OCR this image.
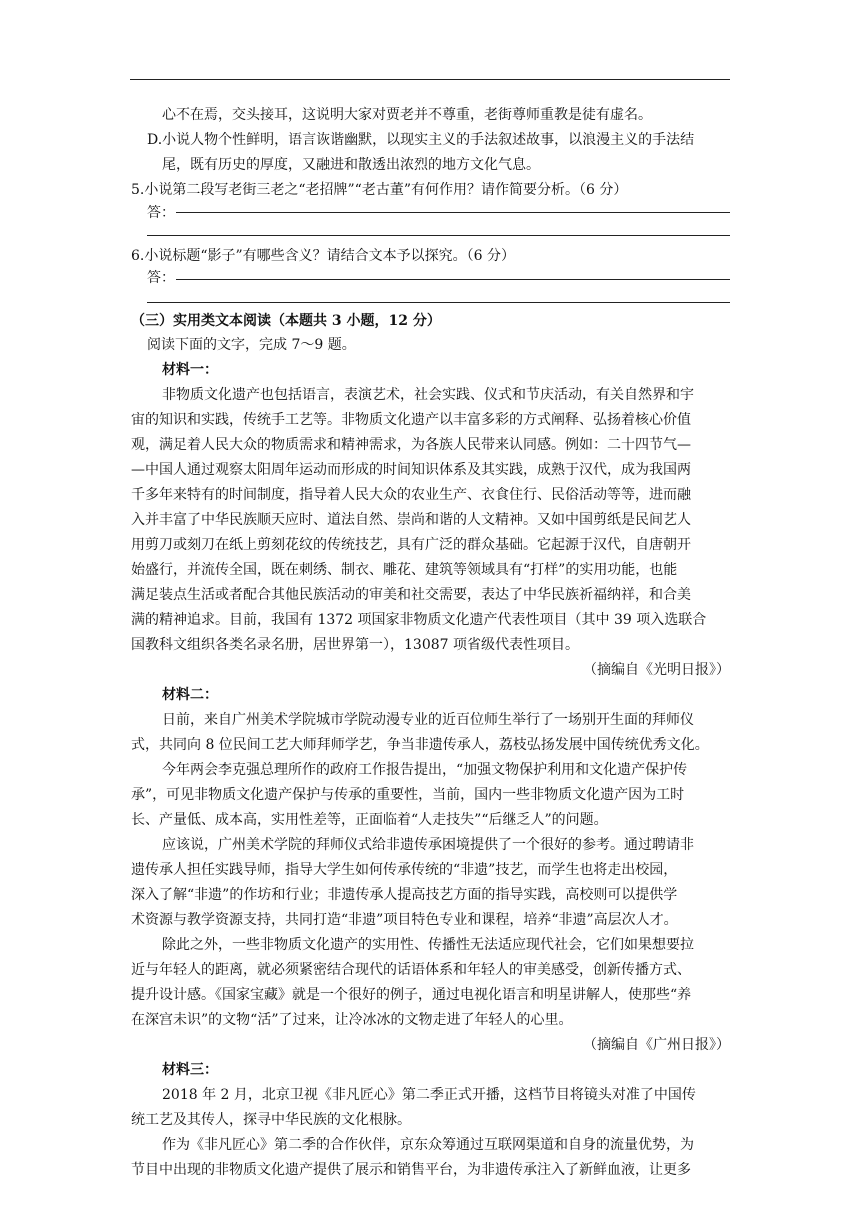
心不在焉，交头接耳，这说明大家对贾老并不尊重，老街尊师重教是徒有虚名。
D.小说人物个性鲜明，语言诙谐幽默，以现实主义的手法叙述故事，以浪漫主义的手法结
尾，既有历史的厚度，又融进和散透出浓烈的地方文化气息。
5.小说第二段写老街三老之“老招牌”“老古董”有何作用？请作简要分析。（6 分）
答：
6.小说标题“影子”有哪些含义？请结合文本予以探究。（6 分）
答：
（三）实用类文本阅读（本题共 3 小题，12 分）
阅读下面的文字，完成 7～9 题。
材料一：
非物质文化遗产也包括语言，表演艺术，社会实践、仪式和节庆活动，有关自然界和宇
宙的知识和实践，传统手工艺等。非物质文化遗产以丰富多彩的方式阐释、弘扬着核心价值
观，满足着人民大众的物质需求和精神需求，为各族人民带来认同感。例如：二十四节气—
—中国人通过观察太阳周年运动而形成的时间知识体系及其实践，成熟于汉代，成为我国两
千多年来特有的时间制度，指导着人民大众的农业生产、衣食住行、民俗活动等等，进而融
入并丰富了中华民族顺天应时、道法自然、崇尚和谐的人文精神。又如中国剪纸是民间艺人
用剪刀或刻刀在纸上剪刻花纹的传统技艺，具有广泛的群众基础。它起源于汉代，自唐朝开
始盛行，并流传全国，既在刺绣、制衣、雕花、建筑等领域具有“打样”的实用功能，也能
满足装点生活或者配合其他民族活动的审美和社交需要，表达了中华民族祈福纳祥，和合美
满的精神追求。目前，我国有 1372 项国家非物质文化遗产代表性项目（其中 39 项入选联合
国教科文组织各类名录名册，居世界第一），13087 项省级代表性项目。
（摘编自《光明日报》）
材料二：
日前，来自广州美术学院城市学院动漫专业的近百位师生举行了一场别开生面的拜师仪
式，共同向 8 位民间工艺大师拜师学艺，争当非遗传承人，荔枝弘扬发展中国传统优秀文化。
今年两会李克强总理所作的政府工作报告提出，“加强文物保护利用和文化遗产保护传
承”，可见非物质文化遗产保护与传承的重要性，当前，国内一些非物质文化遗产因为工时
长、产量低、成本高，实用性差等，正面临着“人走技失”“后继乏人”的问题。
应该说，广州美术学院的拜师仪式给非遗传承困境提供了一个很好的参考。通过聘请非
遗传承人担任实践导师，指导大学生如何传承传统的“非遗”技艺，而学生也将走出校园，
深入了解“非遗”的作坊和行业；非遗传承人提高技艺方面的指导实践，高校则可以提供学
术资源与教学资源支持，共同打造“非遗”项目特色专业和课程，培养“非遗”高层次人才。
除此之外，一些非物质文化遗产的实用性、传播性无法适应现代社会，它们如果想要拉
近与年轻人的距离，就必须紧密结合现代的话语体系和年轻人的审美感受，创新传播方式、
提升设计感。《国家宝藏》就是一个很好的例子，通过电视化语言和明星讲解人，使那些“养
在深宫未识”的文物“活”了过来，让冷冰冰的文物走进了年轻人的心里。
（摘编自《广州日报》）
材料三：
2018 年 2 月，北京卫视《非凡匠心》第二季正式开播，这档节目将镜头对准了中国传
统工艺及其传人，探寻中华民族的文化根脉。
作为《非凡匠心》第二季的合作伙伴，京东众筹通过互联网渠道和自身的流量优势，为
节目中出现的非物质文化遗产提供了展示和销售平台，为非遗传承注入了新鲜血液，让更多
